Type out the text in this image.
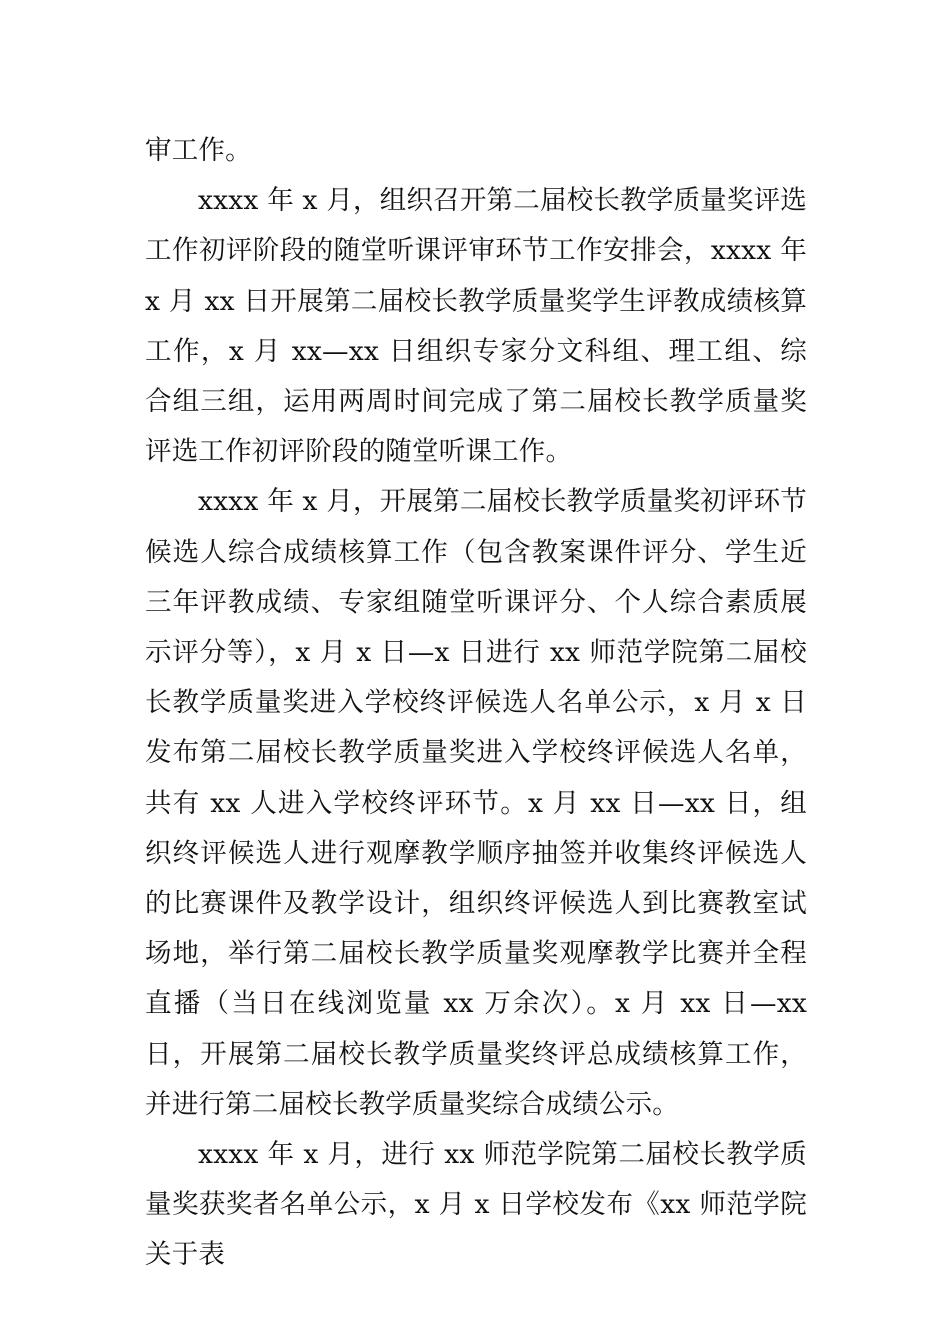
审工作。

xxxx 年 x 月，组织召开第二届校长教学质量奖评选工作初评阶段的随堂听课评审环节工作安排会，xxxx 年 x 月 xx 日开展第二届校长教学质量奖学生评教成绩核算工作，x 月 xx—xx 日组织专家分文科组、理工组、综合组三组，运用两周时间完成了第二届校长教学质量奖评选工作初评阶段的随堂听课工作。

xxxx 年 x 月，开展第二届校长教学质量奖初评环节候选人综合成绩核算工作（包含教案课件评分、学生近三年评教成绩、专家组随堂听课评分、个人综合素质展示评分等），x 月 x 日—x 日进行 xx 师范学院第二届校长教学质量奖进入学校终评候选人名单公示，x 月 x 日发布第二届校长教学质量奖进入学校终评候选人名单，共有 xx 人进入学校终评环节。x 月 xx 日—xx 日，组织终评候选人进行观摩教学顺序抽签并收集终评候选人的比赛课件及教学设计，组织终评候选人到比赛教室试场地，举行第二届校长教学质量奖观摩教学比赛并全程直播（当日在线浏览量 xx 万余次）。x 月 xx 日—xx 日，开展第二届校长教学质量奖终评总成绩核算工作，并进行第二届校长教学质量奖综合成绩公示。

xxxx 年 x 月，进行 xx 师范学院第二届校长教学质量奖获奖者名单公示，x 月 x 日学校发布《xx 师范学院关于表
